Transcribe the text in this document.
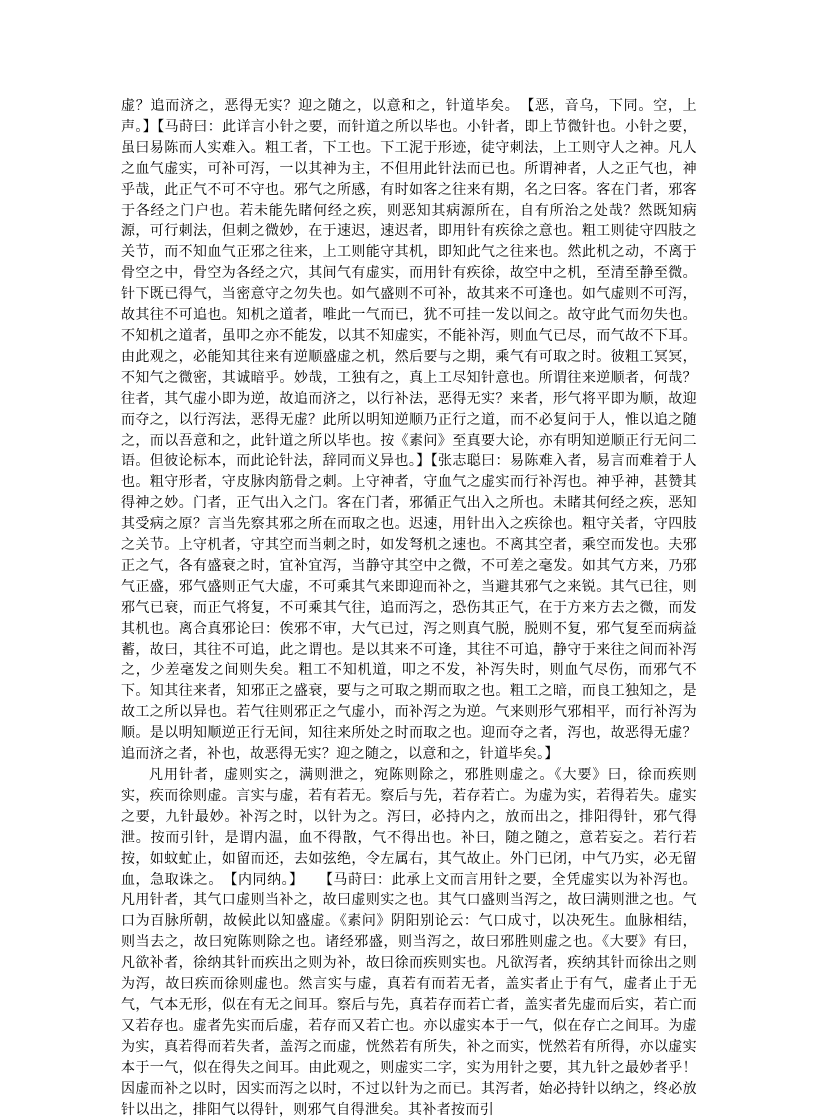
虚？追而济之，恶得无实？迎之随之，以意和之，针道毕矣。　【恶，音乌，下同。空，上声。】【马莳曰：此详言小针之要，而针道之所以毕也。小针者，即上节微针也。小针之要，虽曰易陈而人实难入。粗工者，下工也。下工泥于形迹，徒守刺法，上工则守人之神。凡人之血气虚实，可补可泻，一以其神为主，不但用此针法而已也。所谓神者，人之正气也，神乎哉，此正气不可不守也。邪气之所感，有时如客之往来有期，名之曰客。客在门者，邪客于各经之门户也。若未能先睹何经之疾，则恶知其病源所在，自有所治之处哉？然既知病源，可行刺法，但刺之微妙，在于速迟，速迟者，即用针有疾徐之意也。粗工则徒守四肢之关节，而不知血气正邪之往来，上工则能守其机，即知此气之往来也。然此机之动，不离于骨空之中，骨空为各经之穴，其间气有虚实，而用针有疾徐，故空中之机，至清至静至微。针下既已得气，当密意守之勿失也。如气盛则不可补，故其来不可逢也。如气虚则不可泻，故其往不可追也。知机之道者，唯此一气而已，犹不可挂一发以间之。故守此气而勿失也。不知机之道者，虽叩之亦不能发，以其不知虚实，不能补泻，则血气已尽，而气故不下耳。由此观之，必能知其往来有逆顺盛虚之机，然后要与之期，乘气有可取之时。彼粗工冥冥，不知气之微密，其诚暗乎。妙哉，工独有之，真上工尽知针意也。所谓往来逆顺者，何哉？往者，其气虚小即为逆，故追而济之，以行补法，恶得无实？来者，形气将平即为顺，故迎而夺之，以行泻法，恶得无虚？此所以明知逆顺乃正行之道，而不必复问于人，惟以追之随之，而以吾意和之，此针道之所以毕也。按《素问》至真要大论，亦有明知逆顺正行无问二语。但彼论标本，而此论针法，辞同而义异也。】【张志聪曰：易陈难入者，易言而难着于人也。粗守形者，守皮脉肉筋骨之刺。上守神者，守血气之虚实而行补泻也。神乎神，甚赞其得神之妙。门者，正气出入之门。客在门者，邪循正气出入之所也。未睹其何经之疾，恶知其受病之原？言当先察其邪之所在而取之也。迟速，用针出入之疾徐也。粗守关者，守四肢之关节。上守机者，守其空而当刺之时，如发弩机之速也。不离其空者，乘空而发也。夫邪正之气，各有盛衰之时，宜补宜泻，当静守其空中之微，不可差之毫发。如其气方来，乃邪气正盛，邪气盛则正气大虚，不可乘其气来即迎而补之，当避其邪气之来锐。其气已往，则邪气已衰，而正气将复，不可乘其气往，追而泻之，恐伤其正气，在于方来方去之微，而发其机也。离合真邪论曰：俟邪不审，大气已过，泻之则真气脱，脱则不复，邪气复至而病益蓄，故曰，其往不可追，此之谓也。是以其来不可逢，其往不可追，静守于来往之间而补泻之，少差毫发之间则失矣。粗工不知机道，叩之不发，补泻失时，则血气尽伤，而邪气不下。知其往来者，知邪正之盛衰，要与之可取之期而取之也。粗工之暗，而良工独知之，是故工之所以异也。若气往则邪正之气虚小，而补泻之为逆。气来则形气邪相平，而行补泻为顺。是以明知顺逆正行无间，知往来所处之时而取之也。迎而夺之者，泻也，故恶得无虚？追而济之者，补也，故恶得无实？迎之随之，以意和之，针道毕矣。】

凡用针者，虚则实之，满则泄之，宛陈则除之，邪胜则虚之。《大要》曰，徐而疾则实，疾而徐则虚。言实与虚，若有若无。察后与先，若存若亡。为虚为实，若得若失。虚实之要，九针最妙。补泻之时，以针为之。泻曰，必持内之，放而出之，排阳得针，邪气得泄。按而引针，是谓内温，血不得散，气不得出也。补曰，随之随之，意若妄之。若行若按，如蚊虻止，如留而还，去如弦绝，令左属右，其气故止。外门已闭，中气乃实，必无留血，急取诛之。　【内同纳。】　　【马莳曰：此承上文而言用针之要，全凭虚实以为补泻也。凡用针者，其气口虚则当补之，故曰虚则实之也。其气口盛则当泻之，故曰满则泄之也。气口为百脉所朝，故候此以知盛虚。《素问》阴阳别论云：气口成寸，以决死生。血脉相结，则当去之，故曰宛陈则除之也。诸经邪盛，则当泻之，故曰邪胜则虚之也。《大要》有曰，凡欲补者，徐纳其针而疾出之则为补，故曰徐而疾则实也。凡欲泻者，疾纳其针而徐出之则为泻，故曰疾而徐则虚也。然言实与虚，真若有而若无者，盖实者止于有气，虚者止于无气，气本无形，似在有无之间耳。察后与先，真若存而若亡者，盖实者先虚而后实，若亡而又若存也。虚者先实而后虚，若存而又若亡也。亦以虚实本于一气，似在存亡之间耳。为虚为实，真若得而若失者，盖泻之而虚，恍然若有所失，补之而实，恍然若有所得，亦以虚实本于一气，似在得失之间耳。由此观之，则虚实二字，实为用针之要，其九针之最妙者乎！因虚而补之以时，因实而泻之以时，不过以针为之而已。其泻者，始必持针以纳之，终必放针以出之，排阳气以得针，则邪气自得泄矣。其补者按而引
